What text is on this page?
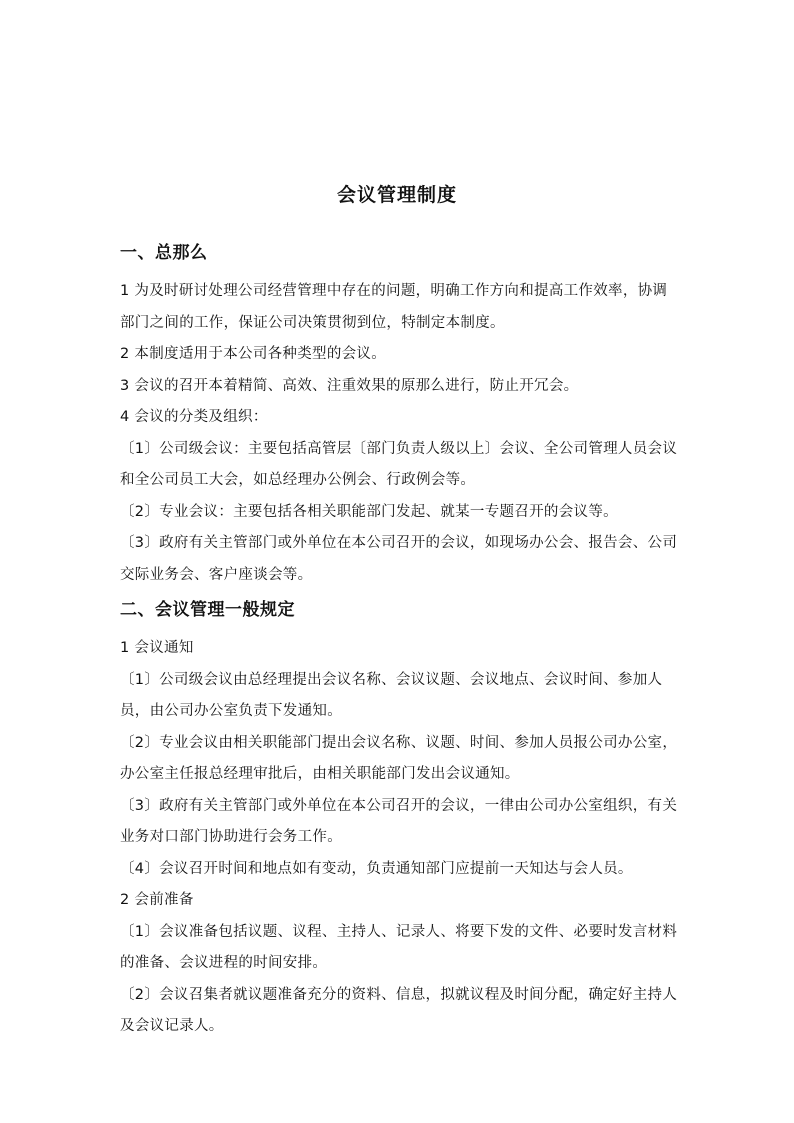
会议管理制度
一、总那么

1 为及时研讨处理公司经营管理中存在的问题，明确工作方向和提高工作效率，协调部门之间的工作，保证公司决策贯彻到位，特制定本制度。

2 本制度适用于本公司各种类型的会议。

3 会议的召开本着精简、高效、注重效果的原那么进行，防止开冗会。

4 会议的分类及组织：

〔1〕公司级会议：主要包括高管层〔部门负责人级以上〕会议、全公司管理人员会议和全公司员工大会，如总经理办公例会、行政例会等。

〔2〕专业会议：主要包括各相关职能部门发起、就某一专题召开的会议等。

〔3〕政府有关主管部门或外单位在本公司召开的会议，如现场办公会、报告会、公司交际业务会、客户座谈会等。

二、会议管理一般规定

1 会议通知

〔1〕公司级会议由总经理提出会议名称、会议议题、会议地点、会议时间、参加人员，由公司办公室负责下发通知。

〔2〕专业会议由相关职能部门提出会议名称、议题、时间、参加人员报公司办公室，办公室主任报总经理审批后，由相关职能部门发出会议通知。

〔3〕政府有关主管部门或外单位在本公司召开的会议，一律由公司办公室组织，有关业务对口部门协助进行会务工作。

〔4〕会议召开时间和地点如有变动，负责通知部门应提前一天知达与会人员。

2 会前准备

〔1〕会议准备包括议题、议程、主持人、记录人、将要下发的文件、必要时发言材料的准备、会议进程的时间安排。

〔2〕会议召集者就议题准备充分的资料、信息，拟就议程及时间分配，确定好主持人及会议记录人。
